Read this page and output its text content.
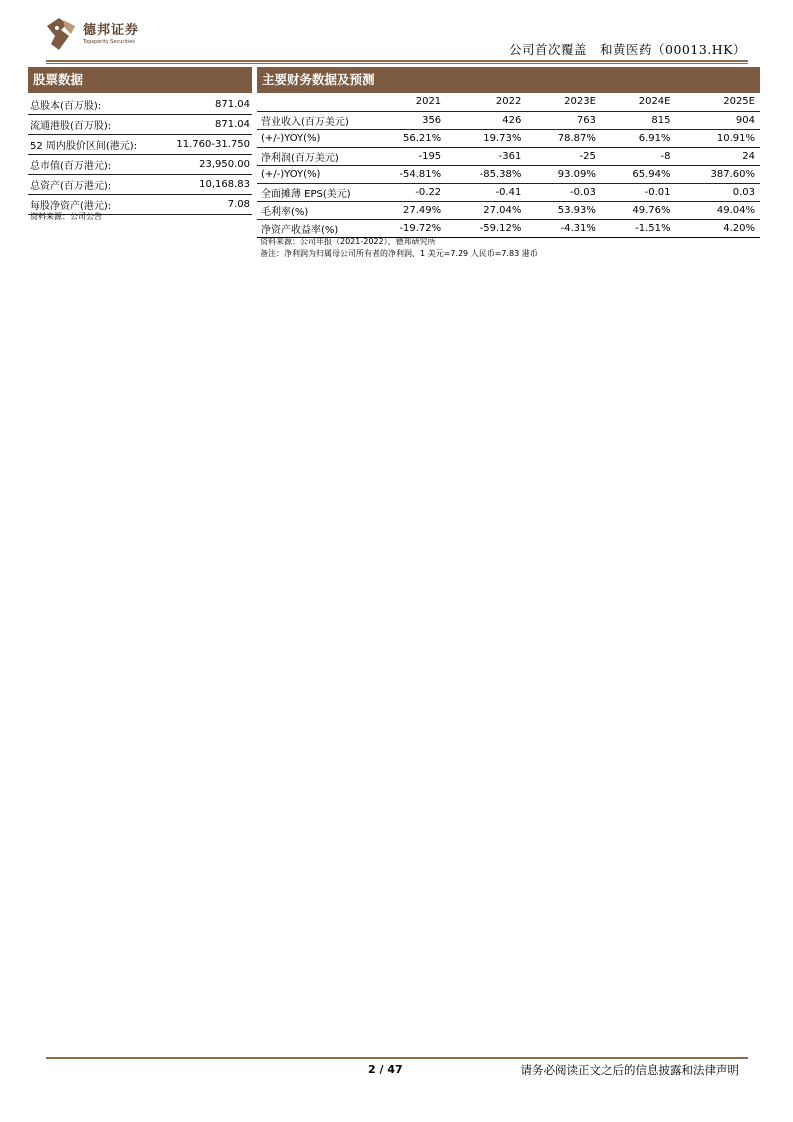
德邦证券
Topsperity Securities
公司首次覆盖　和黄医药（00013.HK）
股票数据
总股本(百万股):	871.04
流通港股(百万股):	871.04
52 周内股价区间(港元):	11.760-31.750
总市值(百万港元):	23,950.00
总资产(百万港元):	10,168.83
每股净资产(港元):	7.08
资料来源：公司公告
主要财务数据及预测
	2021	2022	2023E	2024E	2025E
营业收入(百万美元)	356	426	763	815	904
(+/-)YOY(%)	56.21%	19.73%	78.87%	6.91%	10.91%
净利润(百万美元)	-195	-361	-25	-8	24
(+/-)YOY(%)	-54.81%	-85.38%	93.09%	65.94%	387.60%
全面摊薄 EPS(美元)	-0.22	-0.41	-0.03	-0.01	0.03
毛利率(%)	27.49%	27.04%	53.93%	49.76%	49.04%
净资产收益率(%)	-19.72%	-59.12%	-4.31%	-1.51%	4.20%
资料来源：公司年报（2021-2022），德邦研究所
备注：净利润为归属母公司所有者的净利润，1 美元=7.29 人民币=7.83 港币
2 / 47	请务必阅读正文之后的信息披露和法律声明
